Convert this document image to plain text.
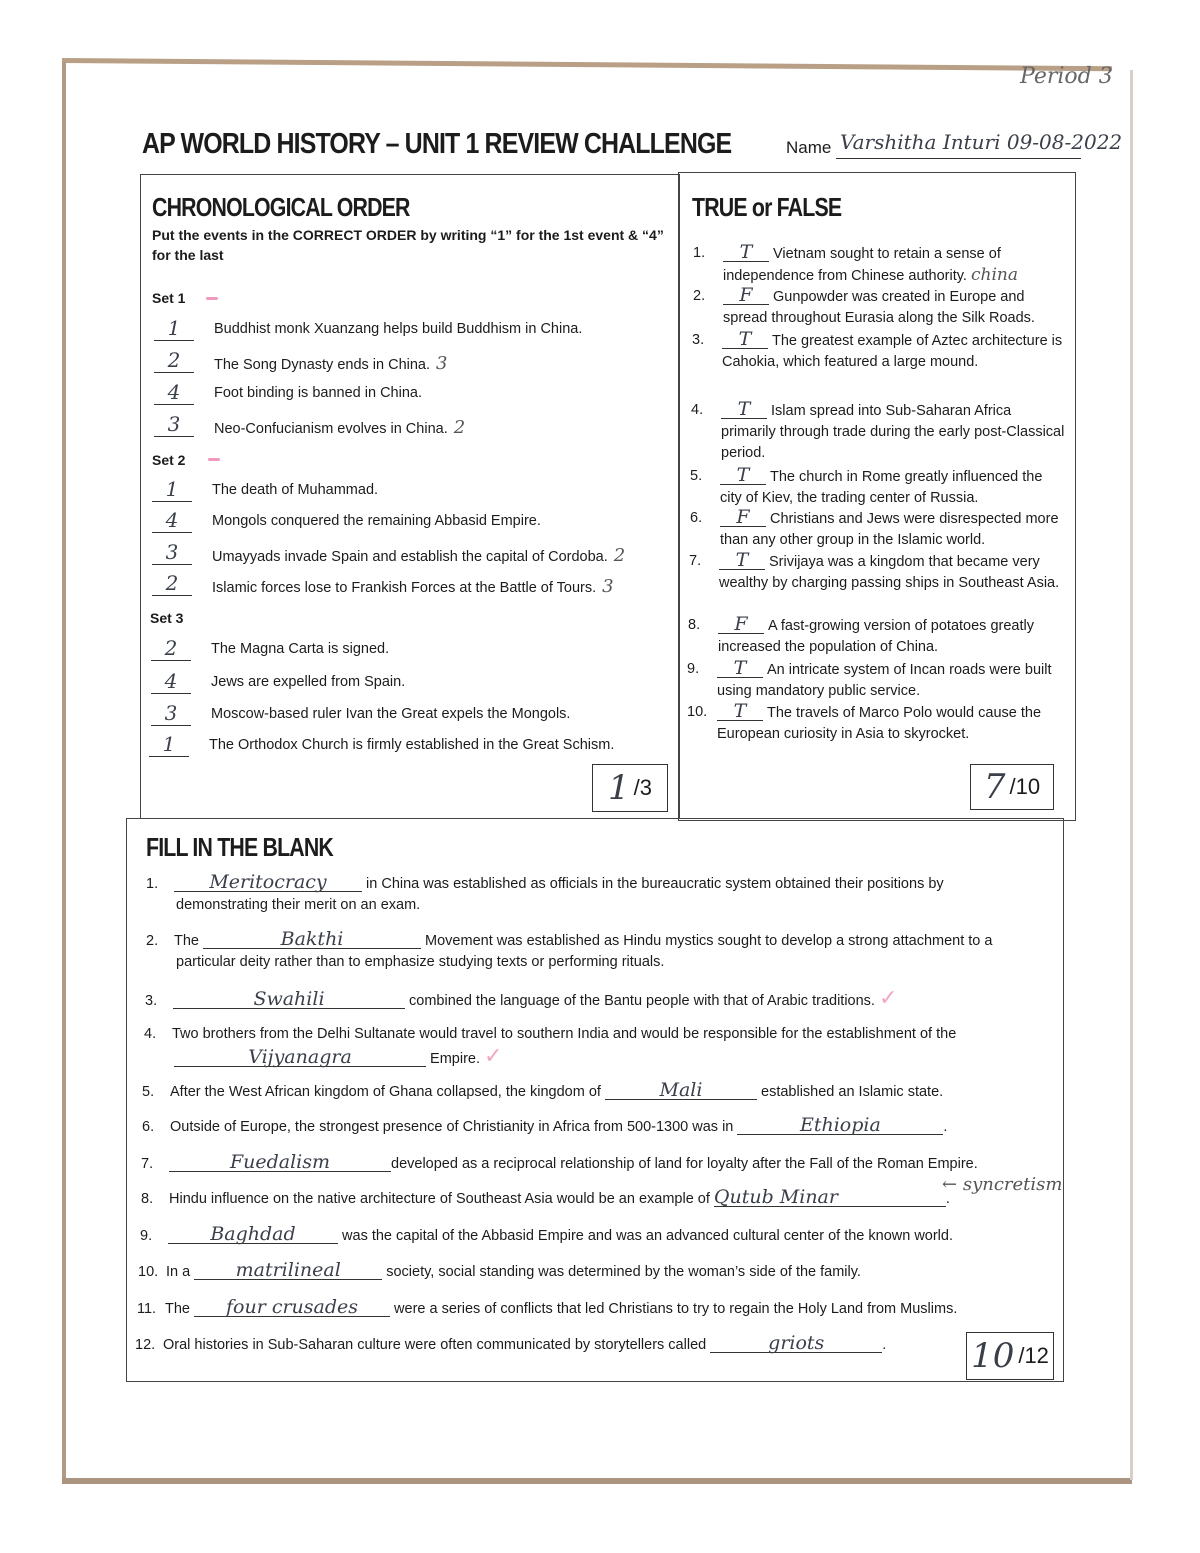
Period 3
AP WORLD HISTORY – UNIT 1 REVIEW CHALLENGE	Name Varshitha Inturi 09-08-2022
CHRONOLOGICAL ORDER
Put the events in the CORRECT ORDER by writing “1” for the 1st event & “4” for the last
Set 1
1	Buddhist monk Xuanzang helps build Buddhism in China.
2	The Song Dynasty ends in China. 3
4	Foot binding is banned in China.
3	Neo-Confucianism evolves in China. 2
Set 2
1	The death of Muhammad.
4	Mongols conquered the remaining Abbasid Empire.
3	Umayyads invade Spain and establish the capital of Cordoba. 2
2	Islamic forces lose to Frankish Forces at the Battle of Tours. 3
Set 3
2	The Magna Carta is signed.
4	Jews are expelled from Spain.
3	Moscow-based ruler Ivan the Great expels the Mongols.
1	The Orthodox Church is firmly established in the Great Schism.
1 /3
TRUE or FALSE
1. T Vietnam sought to retain a sense of independence from Chinese authority. china
2. F Gunpowder was created in Europe and spread throughout Eurasia along the Silk Roads.
3. T The greatest example of Aztec architecture is Cahokia, which featured a large mound.
4. T Islam spread into Sub-Saharan Africa primarily through trade during the early post-Classical period.
5. T The church in Rome greatly influenced the city of Kiev, the trading center of Russia.
6. F Christians and Jews were disrespected more than any other group in the Islamic world.
7. T Srivijaya was a kingdom that became very wealthy by charging passing ships in Southeast Asia.
8. F A fast-growing version of potatoes greatly increased the population of China.
9. T An intricate system of Incan roads were built using mandatory public service.
10. T The travels of Marco Polo would cause the European curiosity in Asia to skyrocket.
7 /10
FILL IN THE BLANK
1.	Meritocracy in China was established as officials in the bureaucratic system obtained their positions by
demonstrating their merit on an exam.
2. The	Bakthi	Movement was established as Hindu mystics sought to develop a strong attachment to a
particular deity rather than to emphasize studying texts or performing rituals.
3.	Swahili	combined the language of the Bantu people with that of Arabic traditions. ✓
4. Two brothers from the Delhi Sultanate would travel to southern India and would be responsible for the establishment of the
Vijyanagra	Empire. ✓
5. After the West African kingdom of Ghana collapsed, the kingdom of	Mali	established an Islamic state.
6. Outside of Europe, the strongest presence of Christianity in Africa from 500-1300 was in	Ethiopia	.
7.	Fuedalism	developed as a reciprocal relationship of land for loyalty after the Fall of the Roman Empire.
8. Hindu influence on the native architecture of Southeast Asia would be an example of Qutub Minar	.
← syncretism
9.	Baghdad	was the capital of the Abbasid Empire and was an advanced cultural center of the known world.
10. In a matrilineal	society, social standing was determined by the woman’s side of the family.
11. The four crusades were a series of conflicts that led Christians to try to regain the Holy Land from Muslims.
12. Oral histories in Sub-Saharan culture were often communicated by storytellers called	griots	.	10 /12
